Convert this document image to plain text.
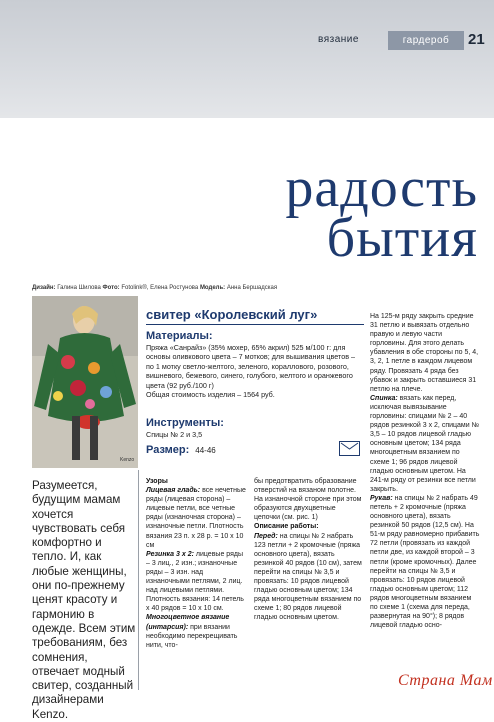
вязание	гардероб	21
радость
бытия
Дизайн: Галина Шилова Фото: Fotolink®, Елена Ростунова Модель: Анна Бершадская
Kenzo
свитер «Королевский луг»
Материалы:

Пряжа «Санрайз» (35% мохер, 65% акрил) 525 м/100 г: для основы оливкового цвета – 7 мотков; для вышивания цветов – по 1 мотку светло-желтого, зеленого, кораллового, розового, вишневого, бежевого, синего, голубого, желтого и оранжевого цвета (92 руб./100 г)

Общая стоимость изделия – 1564 руб.

Инструменты:

Спицы № 2 и 3,5

Размер: 44-46

На 125-м ряду закрыть средние 31 петлю и вывязать отдельно правую и левую части горловины. Для этого делать убавления в обе стороны по 5, 4, 3, 2, 1 петле в каждом лицевом ряду. Провязать 4 ряда без убавок и закрыть оставшиеся 31 петлю на плече.

Спинка: вязать как перед, исключая вывязывание горловины: спицами № 2 – 40 рядов резинкой 3 x 2, спицами № 3,5 – 10 рядов лицевой гладью основным цветом; 134 ряда многоцветным вязанием по схеме 1; 96 рядов лицевой гладью основным цветом. На 241-м ряду от резинки все петли закрыть.

Рукав: на спицы № 2 набрать 49 петель + 2 кромочные (пряжа основного цвета), вязать резинкой 50 рядов (12,5 см). На 51-м ряду равномерно прибавить 72 петли (провязать из каждой петли две, из каждой второй – 3 петли (кроме кромочных). Далее перейти на спицы № 3,5 и провязать: 10 рядов лицевой гладью основным цветом; 112 рядов многоцветным вязанием по схеме 1 (схема для переда, развернутая на 90°); 8 рядов лицевой гладью осно-

Разумеется, будущим мамам хочется чувствовать себя комфортно и тепло. И, как любые женщины, они по-прежнему ценят красоту и гармонию в одежде. Всем этим требованиям, без сомнения, отвечает модный свитер, созданный дизайнерами Kenzo.

Узоры

Лицевая гладь: все нечетные ряды (лицевая сторона) – лицевые петли, все четные ряды (изнаночная сторона) – изнаночные петли. Плотность вязания 23 п. x 28 р. = 10 x 10 см

Резинка 3 x 2: лицевые ряды – 3 лиц., 2 изн.; изнаночные ряды – 3 изн. над изнаночными петлями, 2 лиц. над лицевыми петлями. Плотность вязания: 14 петель x 40 рядов = 10 x 10 см.

Многоцветное вязание (интарсия): при вязании необходимо перекрещивать нити, что-

бы предотвратить образование отверстий на вязаном полотне. На изнаночной стороне при этом образуются двухцветные цепочки (см. рис. 1)

Описание работы:

Перед: на спицы № 2 набрать 123 петли + 2 кромочные (пряжа основного цвета), вязать резинкой 40 рядов (10 см), затем перейти на спицы № 3,5 и провязать: 10 рядов лицевой гладью основным цветом; 134 ряда многоцветным вязанием по схеме 1; 80 рядов лицевой гладью основным цветом.

Страна Мам
